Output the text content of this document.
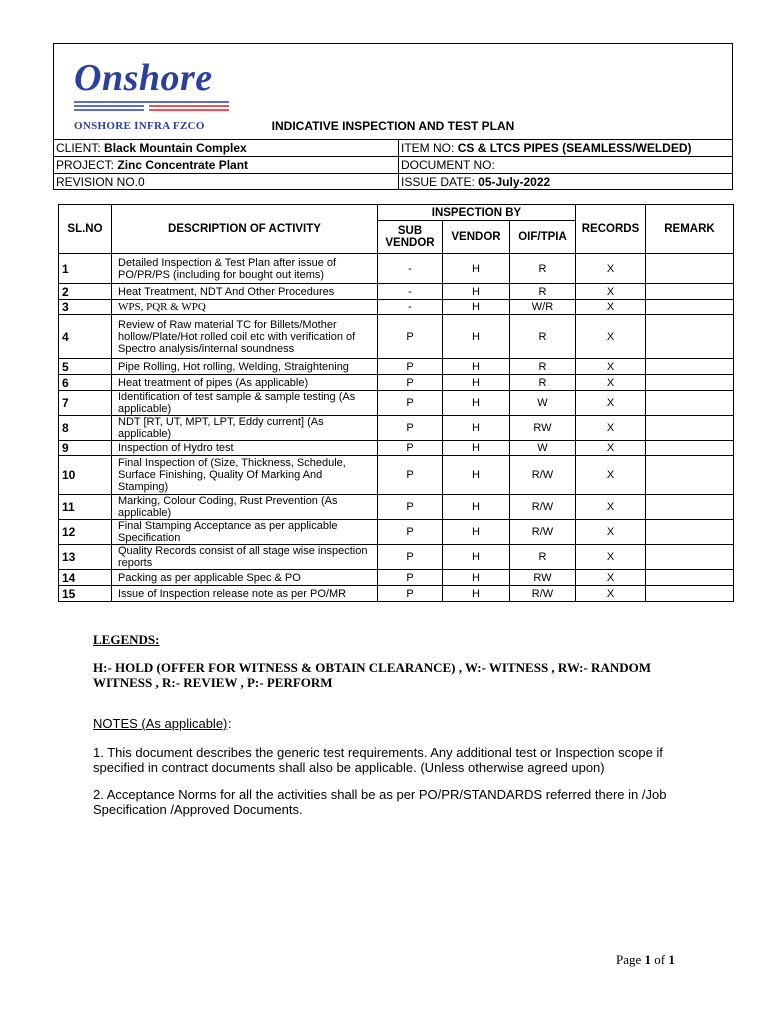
Onshore
ONSHORE INFRA FZCO	INDICATIVE INSPECTION AND TEST PLAN
CLIENT: Black Mountain Complex	ITEM NO: CS & LTCS PIPES (SEAMLESS/WELDED)
PROJECT: Zinc Concentrate Plant	DOCUMENT NO:
REVISION NO.0	ISSUE DATE: 05-July-2022
SL.NO	DESCRIPTION OF ACTIVITY	INSPECTION BY			RECORDS	REMARK
		SUB VENDOR	VENDOR	OIF/TPIA		
1	Detailed Inspection & Test Plan after issue of PO/PR/PS (including for bought out items)	-	H	R	X	
2	Heat Treatment, NDT And Other Procedures	-	H	R	X	
3	WPS, PQR & WPQ	-	H	W/R	X	
4	Review of Raw material TC for Billets/Mother hollow/Plate/Hot rolled coil etc with verification of Spectro analysis/internal soundness	P	H	R	X	
5	Pipe Rolling, Hot rolling, Welding, Straightening	P	H	R	X	
6	Heat treatment of pipes (As applicable)	P	H	R	X	
7	Identification of test sample & sample testing (As applicable)	P	H	W	X	
8	NDT [RT, UT, MPT, LPT, Eddy current] (As applicable)	P	H	RW	X	
9	Inspection of Hydro test	P	H	W	X	
10	Final Inspection of (Size, Thickness, Schedule, Surface Finishing, Quality Of Marking And Stamping)	P	H	R/W	X	
11	Marking, Colour Coding, Rust Prevention (As applicable)	P	H	R/W	X	
12	Final Stamping Acceptance as per applicable Specification	P	H	R/W	X	
13	Quality Records consist of all stage wise inspection reports	P	H	R	X	
14	Packing as per applicable Spec & PO	P	H	RW	X	
15	Issue of Inspection release note as per PO/MR	P	H	R/W	X	
LEGENDS:
H:- HOLD (OFFER FOR WITNESS & OBTAIN CLEARANCE) , W:- WITNESS , RW:- RANDOM WITNESS , R:- REVIEW , P:- PERFORM
NOTES (As applicable) :
1. This document describes the generic test requirements. Any additional test or Inspection scope if specified in contract documents shall also be applicable. (Unless otherwise agreed upon)
2. Acceptance Norms for all the activities shall be as per PO/PR/STANDARDS referred there in /Job Specification /Approved Documents.
Page 1 of 1
